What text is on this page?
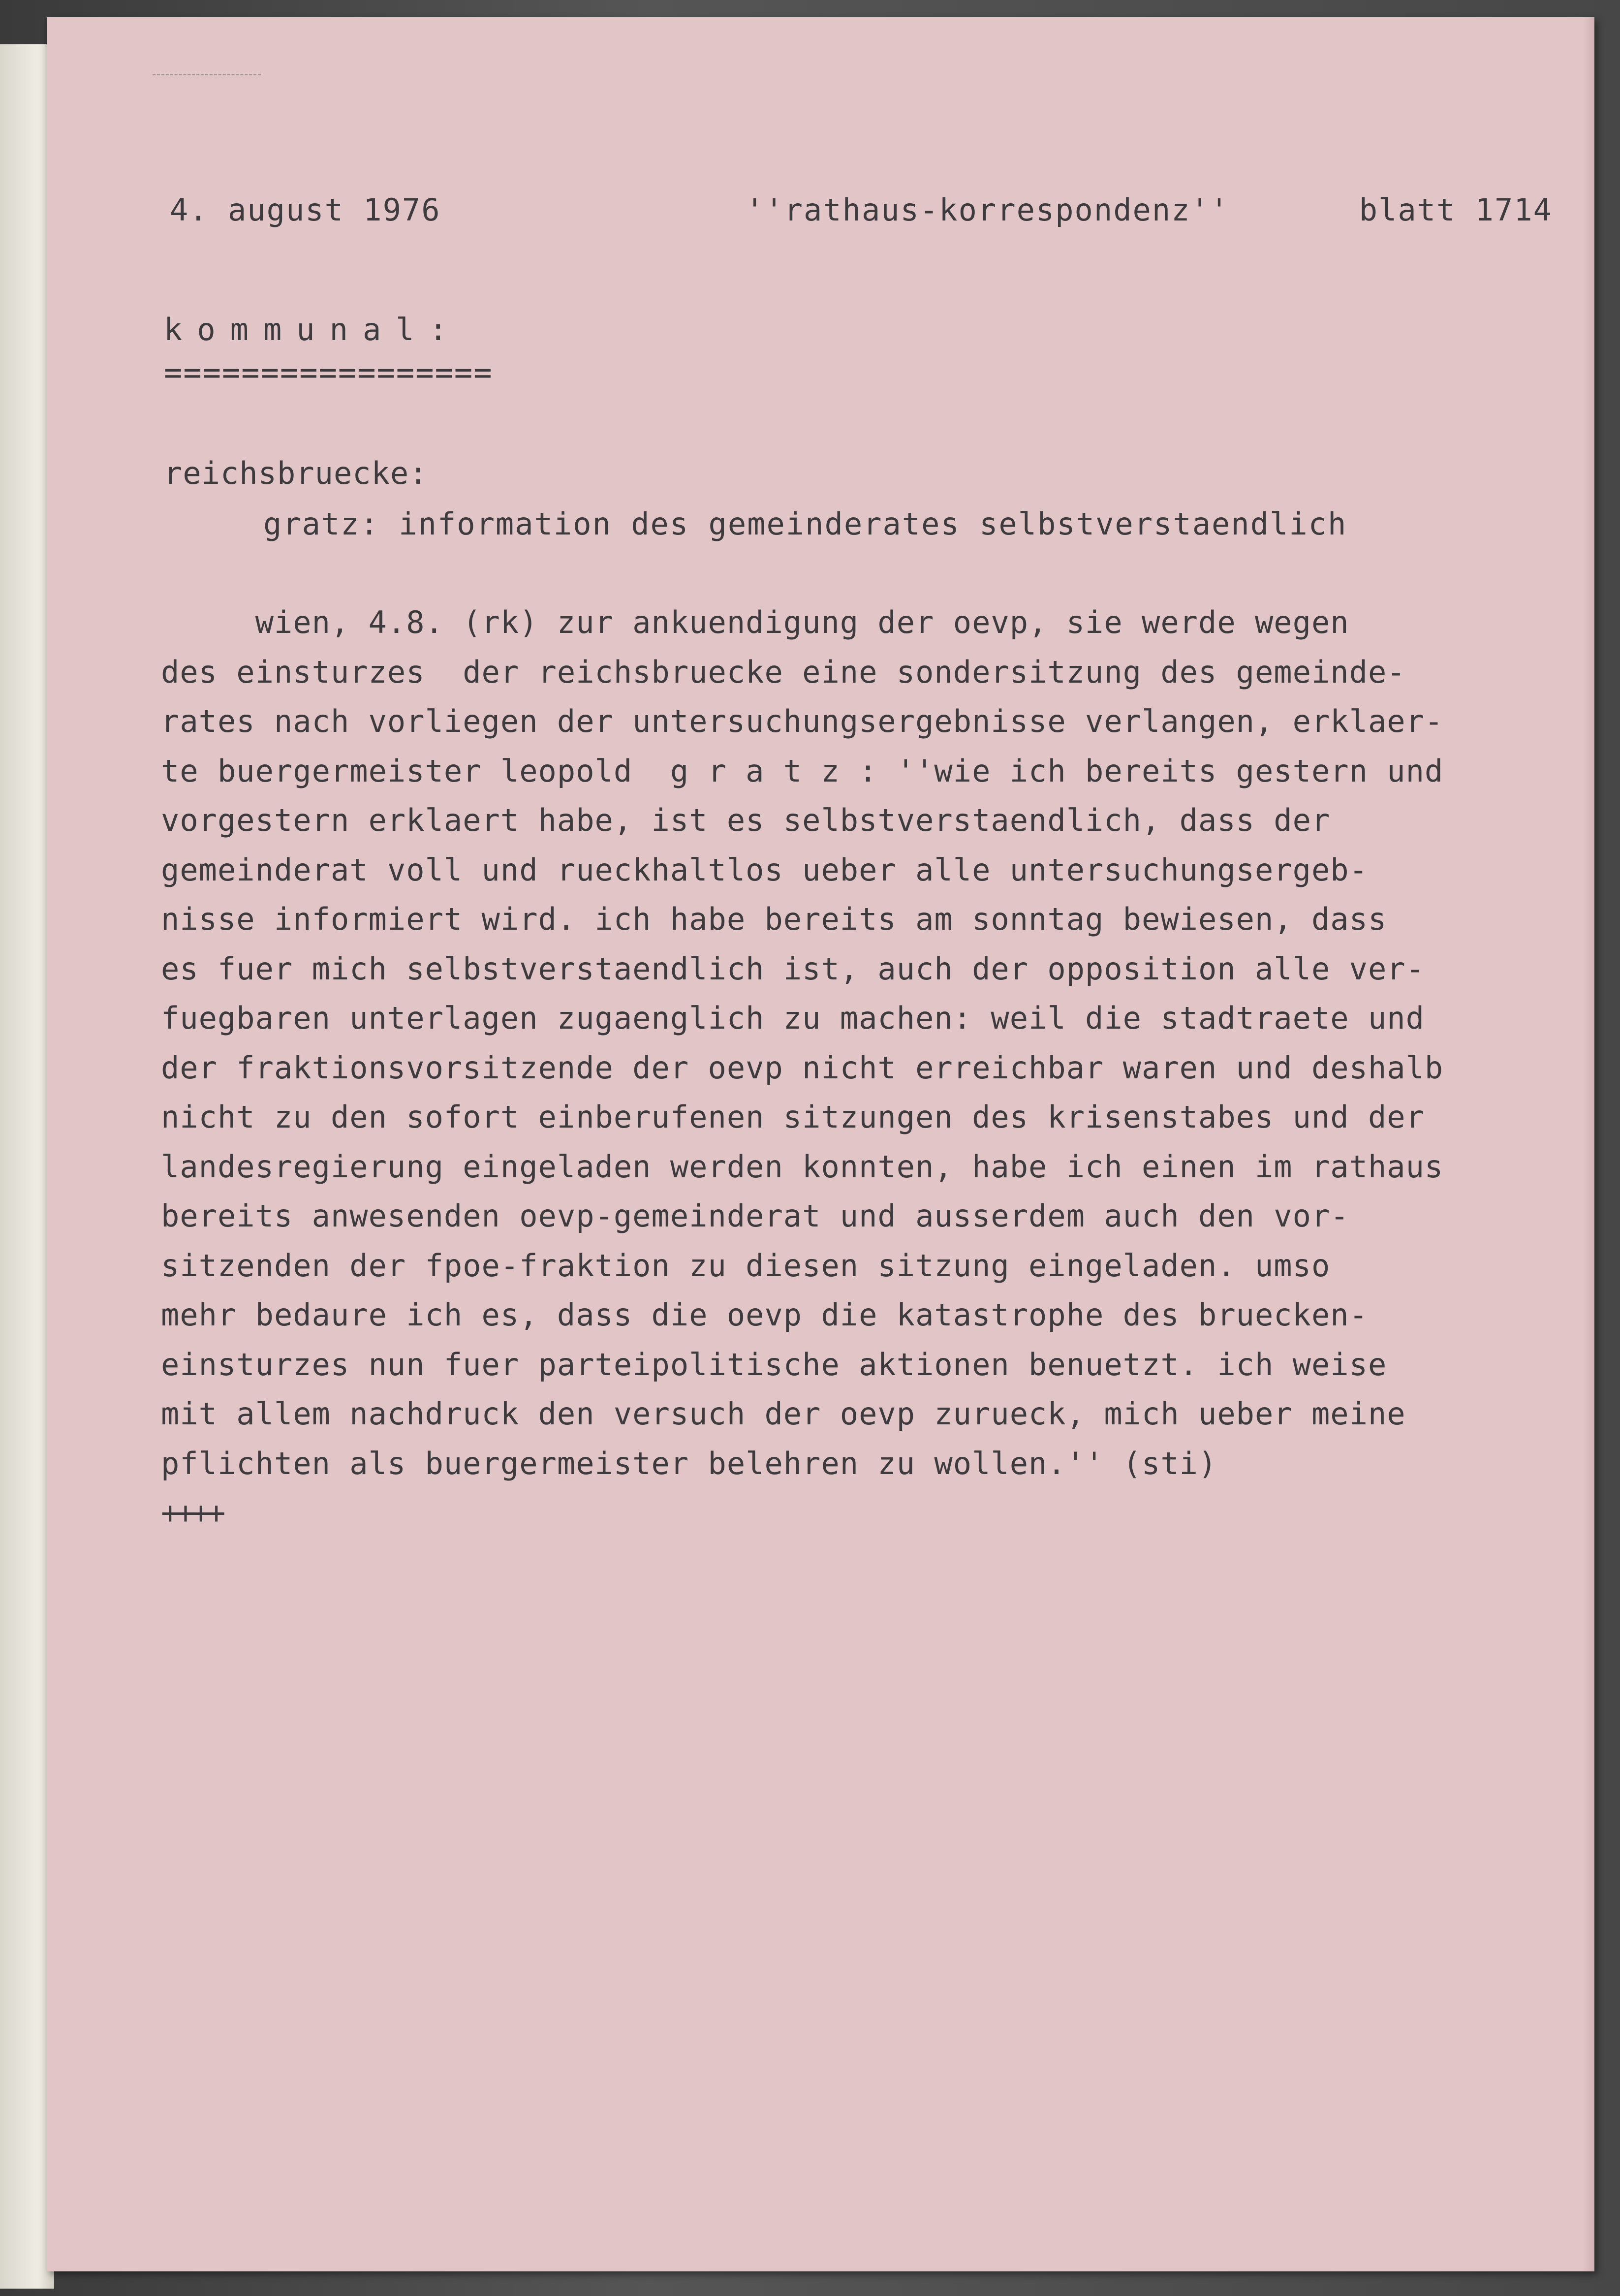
4. august 1976	''rathaus-korrespondenz''	blatt 1714
kommunal:
=================
reichsbruecke:
gratz: information des gemeinderates selbstverstaendlich
wien, 4.8. (rk) zur ankuendigung der oevp, sie werde wegen
des einsturzes  der reichsbruecke eine sondersitzung des gemeinde-
rates nach vorliegen der untersuchungsergebnisse verlangen, erklaer-
te buergermeister leopold  g r a t z : ''wie ich bereits gestern und
vorgestern erklaert habe, ist es selbstverstaendlich, dass der
gemeinderat voll und rueckhaltlos ueber alle untersuchungsergeb-
nisse informiert wird. ich habe bereits am sonntag bewiesen, dass
es fuer mich selbstverstaendlich ist, auch der opposition alle ver-
fuegbaren unterlagen zugaenglich zu machen: weil die stadtraete und
der fraktionsvorsitzende der oevp nicht erreichbar waren und deshalb
nicht zu den sofort einberufenen sitzungen des krisenstabes und der
landesregierung eingeladen werden konnten, habe ich einen im rathaus
bereits anwesenden oevp-gemeinderat und ausserdem auch den vor-
sitzenden der fpoe-fraktion zu diesen sitzung eingeladen. umso
mehr bedaure ich es, dass die oevp die katastrophe des bruecken-
einsturzes nun fuer parteipolitische aktionen benuetzt. ich weise
mit allem nachdruck den versuch der oevp zurueck, mich ueber meine
pflichten als buergermeister belehren zu wollen.'' (sti)
++++
